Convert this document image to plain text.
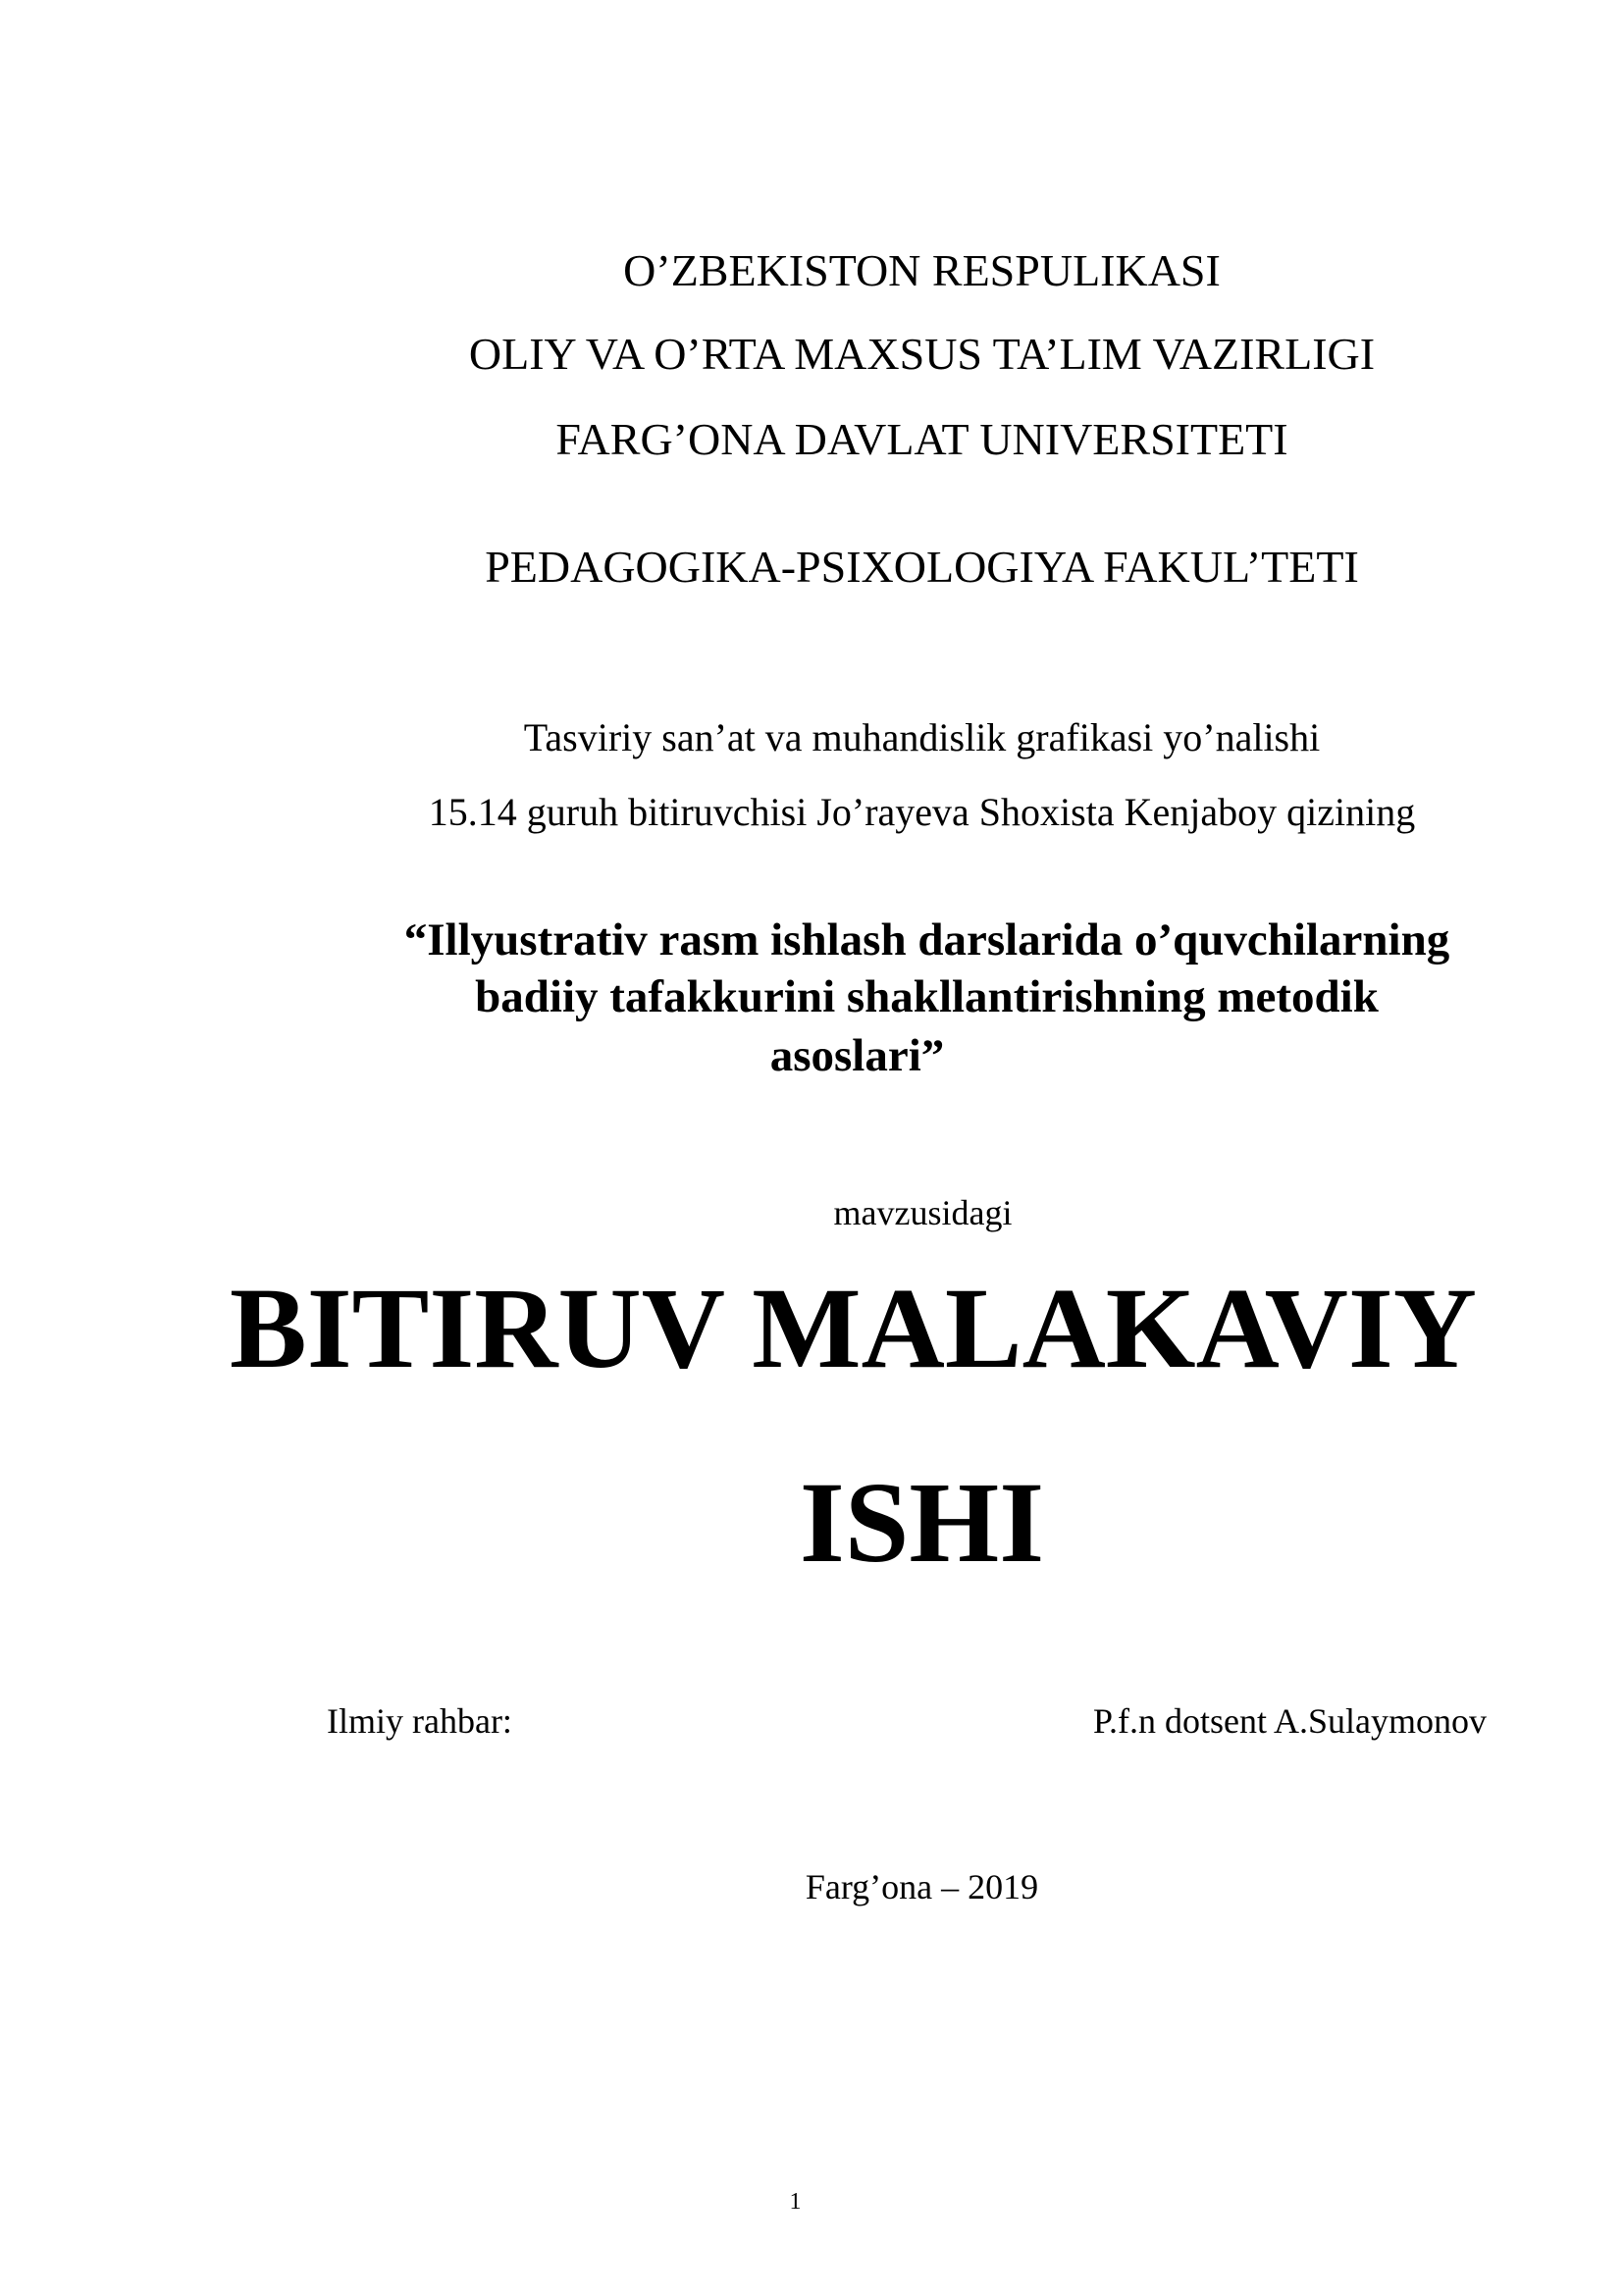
O’ZBEKISTON RESPULIKASI
OLIY VA O’RTA MAXSUS TA’LIM VAZIRLIGI
FARG’ONA DAVLAT UNIVERSITETI
PEDAGOGIKA-PSIXOLOGIYA FAKUL’TETI
Tasviriy san’at va muhandislik grafikasi yo’nalishi
15.14 guruh bitiruvchisi Jo’rayeva Shoxista Kenjaboy qizining
“Illyustrativ rasm ishlash darslarida o’quvchilarning
badiiy tafakkurini shakllantirishning metodik
asoslari”
mavzusidagi
BITIRUV MALAKAVIY
ISHI
Ilmiy rahbar:	P.f.n dotsent A.Sulaymonov
Farg’ona – 2019
1
